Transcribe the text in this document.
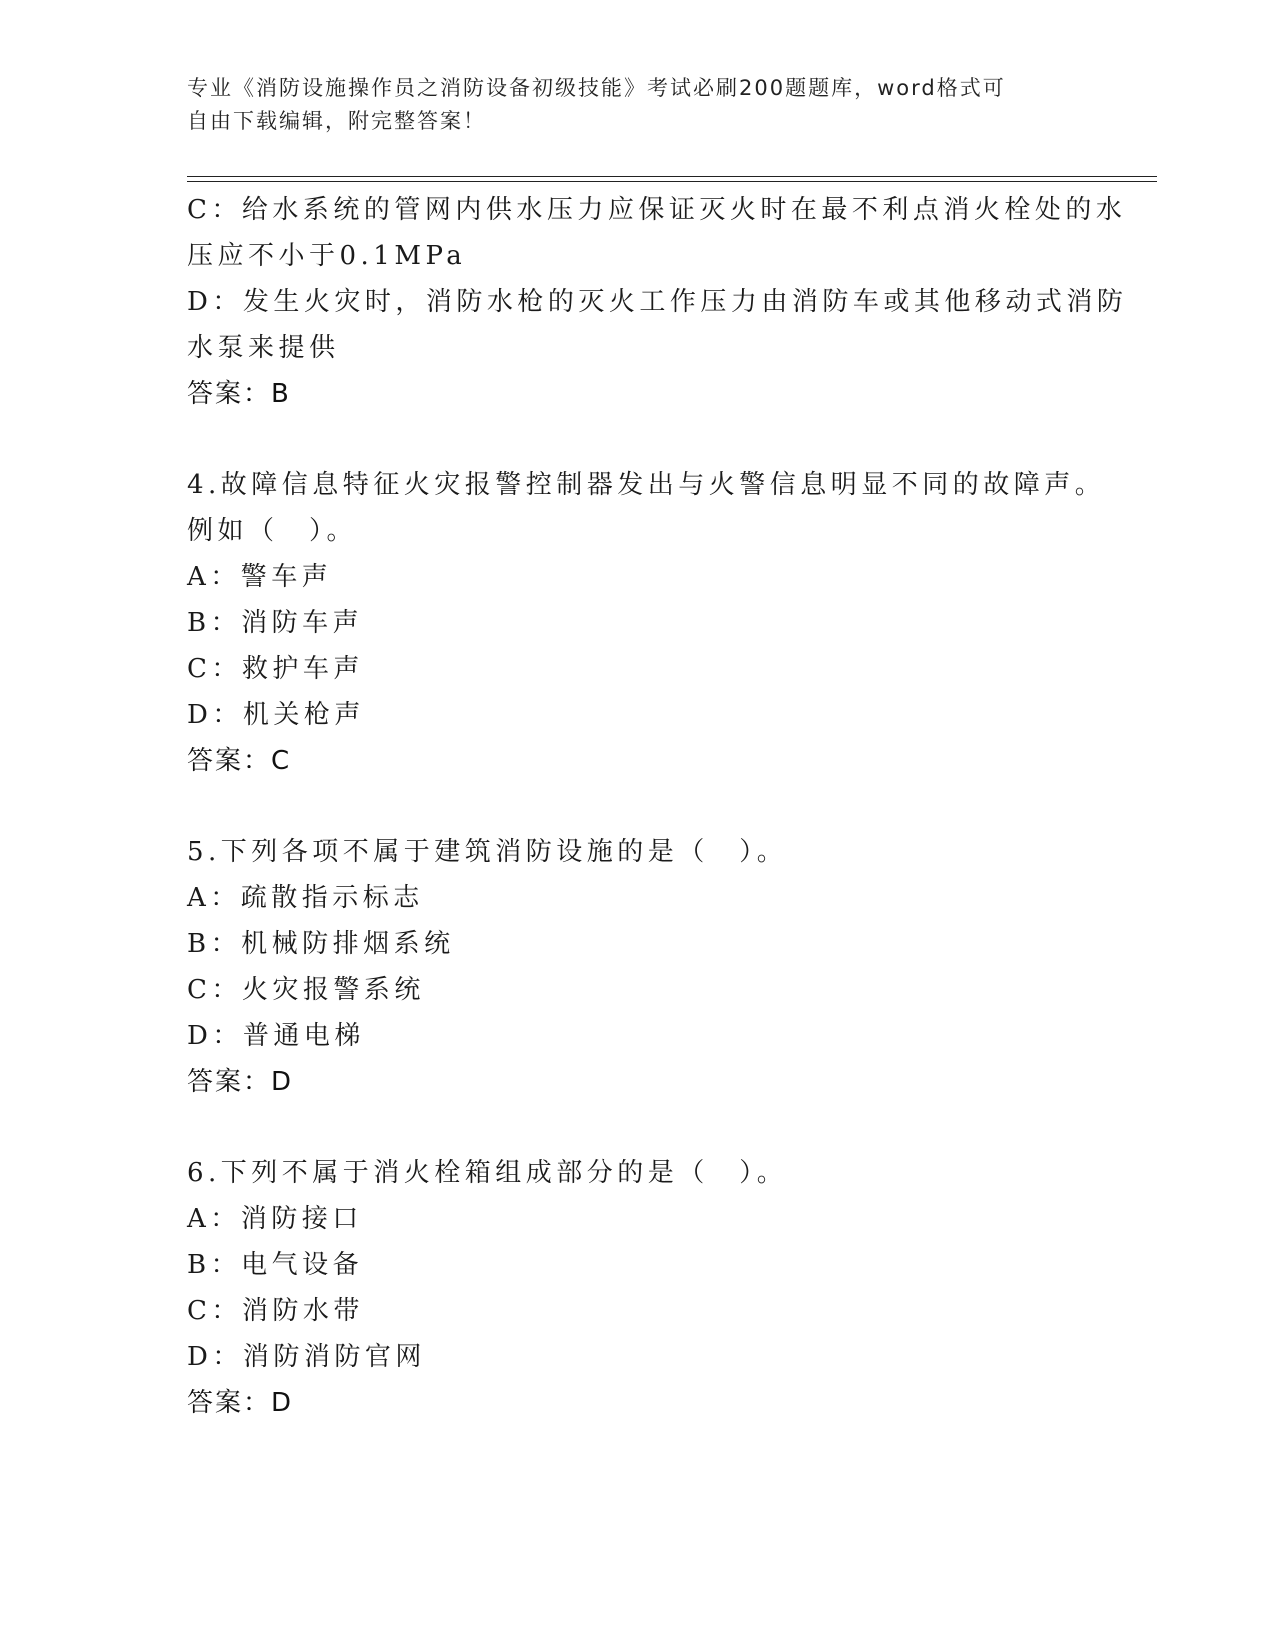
专业《消防设施操作员之消防设备初级技能》考试必刷200题题库，word格式可
自由下载编辑，附完整答案！
C：给水系统的管网内供水压力应保证灭火时在最不利点消火栓处的水
压应不小于0.1MPa
D：发生火灾时，消防水枪的灭火工作压力由消防车或其他移动式消防
水泵来提供
答案：B
4.故障信息特征火灾报警控制器发出与火警信息明显不同的故障声。
例如（　）。
A：警车声
B：消防车声
C：救护车声
D：机关枪声
答案：C
5.下列各项不属于建筑消防设施的是（　）。
A：疏散指示标志
B：机械防排烟系统
C：火灾报警系统
D：普通电梯
答案：D
6.下列不属于消火栓箱组成部分的是（　）。
A：消防接口
B：电气设备
C：消防水带
D：消防消防官网
答案：D
